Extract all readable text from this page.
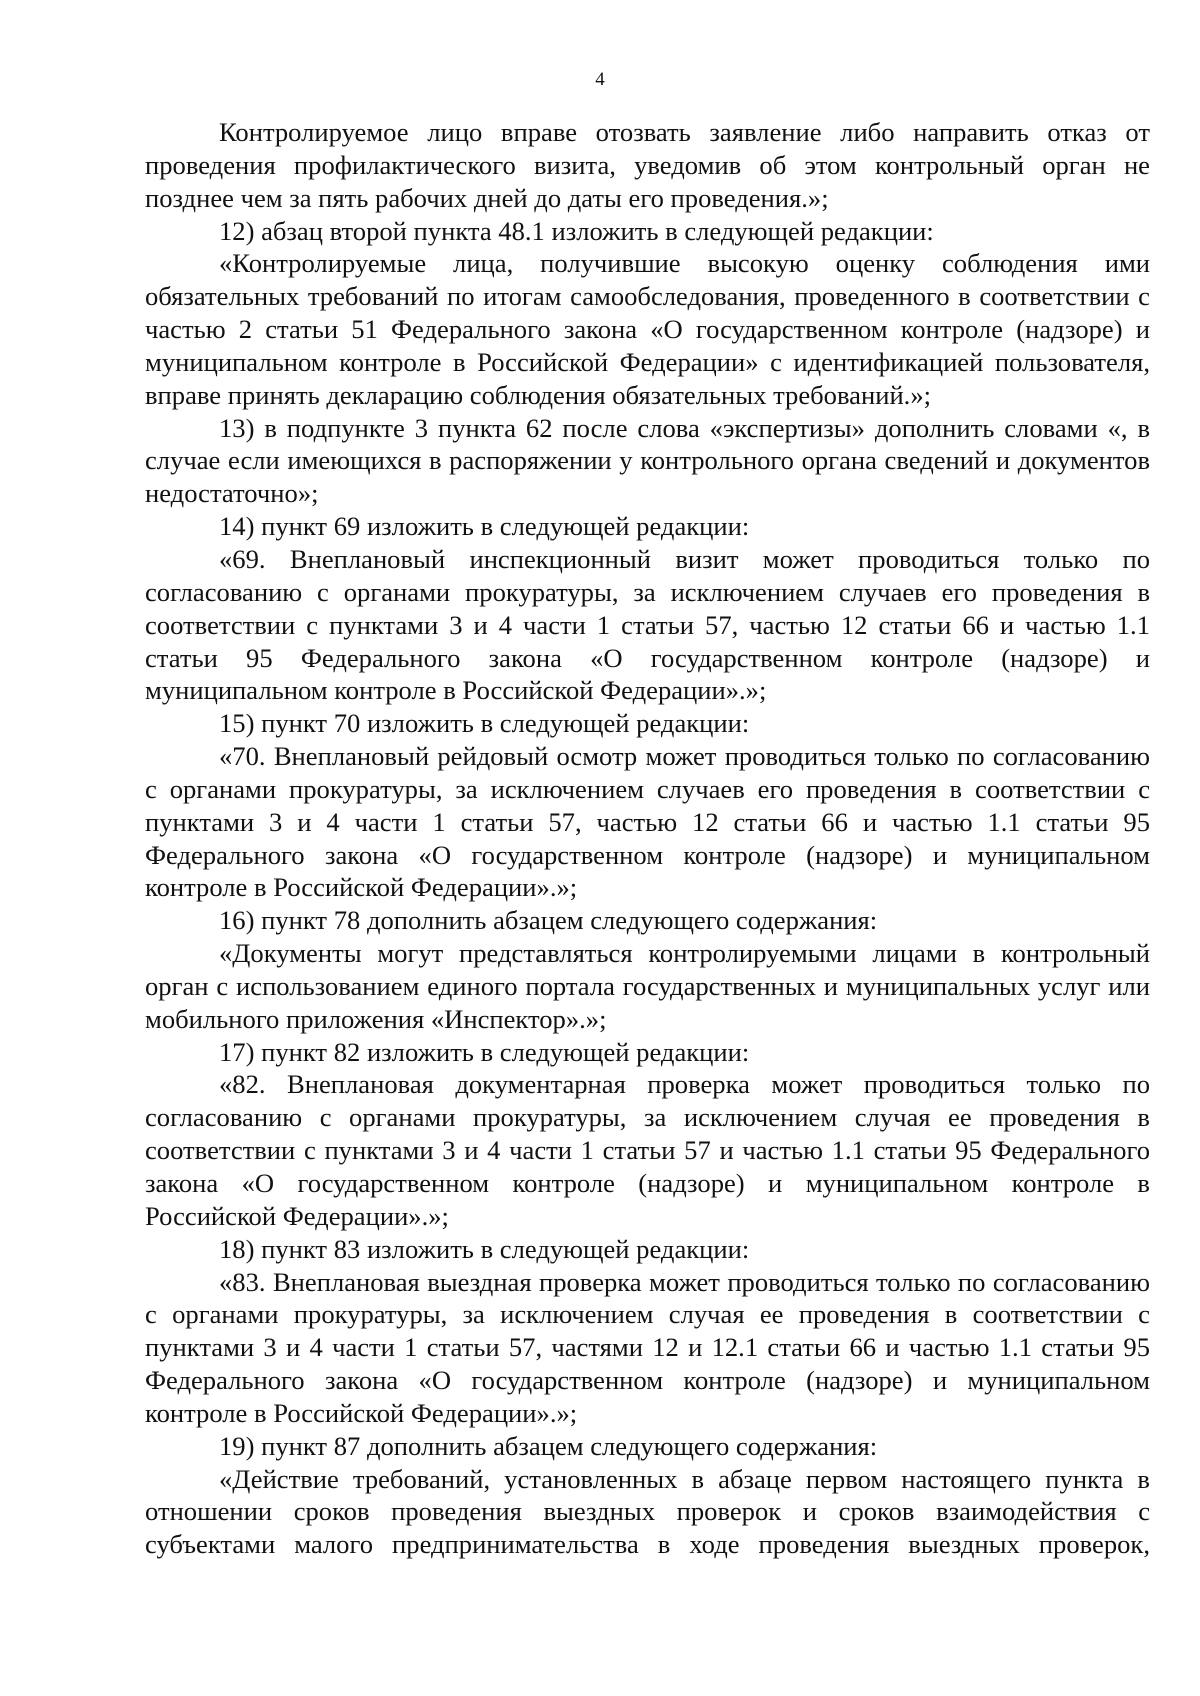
4

Контролируемое лицо вправе отозвать заявление либо направить отказ от проведения профилактического визита, уведомив об этом контрольный орган не позднее чем за пять рабочих дней до даты его проведения.»;

12) абзац второй пункта 48.1 изложить в следующей редакции:

«Контролируемые лица, получившие высокую оценку соблюдения ими обязательных требований по итогам самообследования, проведенного в соответствии с частью 2 статьи 51 Федерального закона «О государственном контроле (надзоре) и муниципальном контроле в Российской Федерации» с идентификацией пользователя, вправе принять декларацию соблюдения обязательных требований.»;

13) в подпункте 3 пункта 62 после слова «экспертизы» дополнить словами «, в случае если имеющихся в распоряжении у контрольного органа сведений и документов недостаточно»;

14) пункт 69 изложить в следующей редакции:

«69. Внеплановый инспекционный визит может проводиться только по согласованию с органами прокуратуры, за исключением случаев его проведения в соответствии с пунктами 3 и 4 части 1 статьи 57, частью 12 статьи 66 и частью 1.1 статьи 95 Федерального закона «О государственном контроле (надзоре) и муниципальном контроле в Российской Федерации».»;

15) пункт 70 изложить в следующей редакции:

«70. Внеплановый рейдовый осмотр может проводиться только по согласованию с органами прокуратуры, за исключением случаев его проведения в соответствии с пунктами 3 и 4 части 1 статьи 57, частью 12 статьи 66 и частью 1.1 статьи 95 Федерального закона «О государственном контроле (надзоре) и муниципальном контроле в Российской Федерации».»;

16) пункт 78 дополнить абзацем следующего содержания:

«Документы могут представляться контролируемыми лицами в контрольный орган с использованием единого портала государственных и муниципальных услуг или мобильного приложения «Инспектор».»;

17) пункт 82 изложить в следующей редакции:

«82. Внеплановая документарная проверка может проводиться только по согласованию с органами прокуратуры, за исключением случая ее проведения в соответствии с пунктами 3 и 4 части 1 статьи 57 и частью 1.1 статьи 95 Федерального закона «О государственном контроле (надзоре) и муниципальном контроле в Российской Федерации».»;

18) пункт 83 изложить в следующей редакции:

«83. Внеплановая выездная проверка может проводиться только по согласованию с органами прокуратуры, за исключением случая ее проведения в соответствии с пунктами 3 и 4 части 1 статьи 57, частями 12 и 12.1 статьи 66 и частью 1.1 статьи 95 Федерального закона «О государственном контроле (надзоре) и муниципальном контроле в Российской Федерации».»;

19) пункт 87 дополнить абзацем следующего содержания:

«Действие требований, установленных в абзаце первом настоящего пункта в отношении сроков проведения выездных проверок и сроков взаимодействия с субъектами малого предпринимательства в ходе проведения выездных проверок,
